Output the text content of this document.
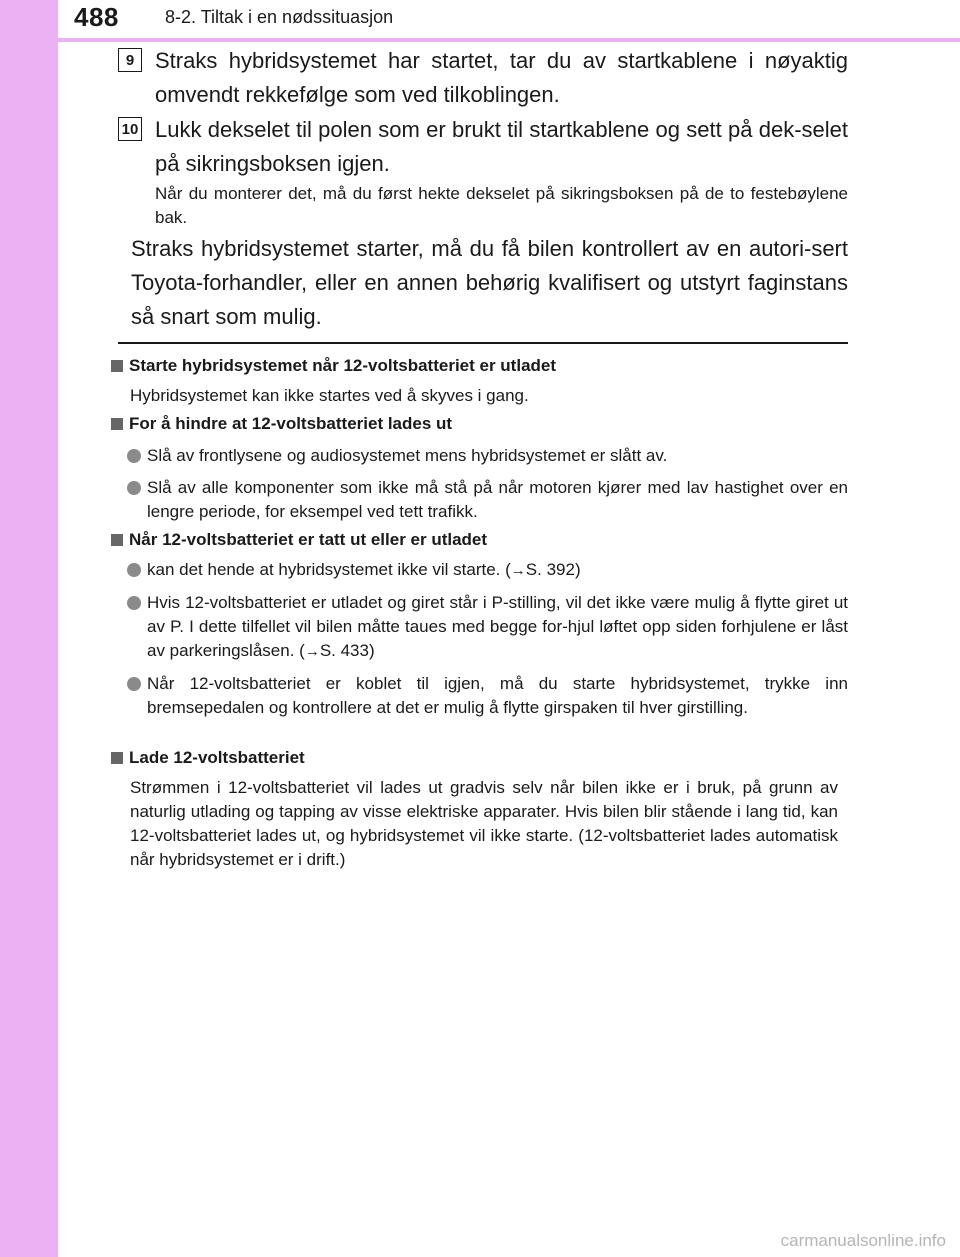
488	8-2. Tiltak i en nødssituasjon
9 Straks hybridsystemet har startet, tar du av startkablene i nøyaktig omvendt rekkefølge som ved tilkoblingen.
10 Lukk dekselet til polen som er brukt til startkablene og sett på dek-selet på sikringsboksen igjen.
Når du monterer det, må du først hekte dekselet på sikringsboksen på de to festebøylene bak.
Straks hybridsystemet starter, må du få bilen kontrollert av en autori-sert Toyota-forhandler, eller en annen behørig kvalifisert og utstyrt faginstans så snart som mulig.
Starte hybridsystemet når 12-voltsbatteriet er utladet
Hybridsystemet kan ikke startes ved å skyves i gang.
For å hindre at 12-voltsbatteriet lades ut
Slå av frontlysene og audiosystemet mens hybridsystemet er slått av.
Slå av alle komponenter som ikke må stå på når motoren kjører med lav hastighet over en lengre periode, for eksempel ved tett trafikk.
Når 12-voltsbatteriet er tatt ut eller er utladet
kan det hende at hybridsystemet ikke vil starte. (→S. 392)
Hvis 12-voltsbatteriet er utladet og giret står i P-stilling, vil det ikke være mulig å flytte giret ut av P. I dette tilfellet vil bilen måtte taues med begge for-hjul løftet opp siden forhjulene er låst av parkeringslåsen. (→S. 433)
Når 12-voltsbatteriet er koblet til igjen, må du starte hybridsystemet, trykke inn bremsepedalen og kontrollere at det er mulig å flytte girspaken til hver girstilling.
Lade 12-voltsbatteriet
Strømmen i 12-voltsbatteriet vil lades ut gradvis selv når bilen ikke er i bruk, på grunn av naturlig utlading og tapping av visse elektriske apparater. Hvis bilen blir stående i lang tid, kan 12-voltsbatteriet lades ut, og hybridsystemet vil ikke starte. (12-voltsbatteriet lades automatisk når hybridsystemet er i drift.)
carmanualsonline.info
